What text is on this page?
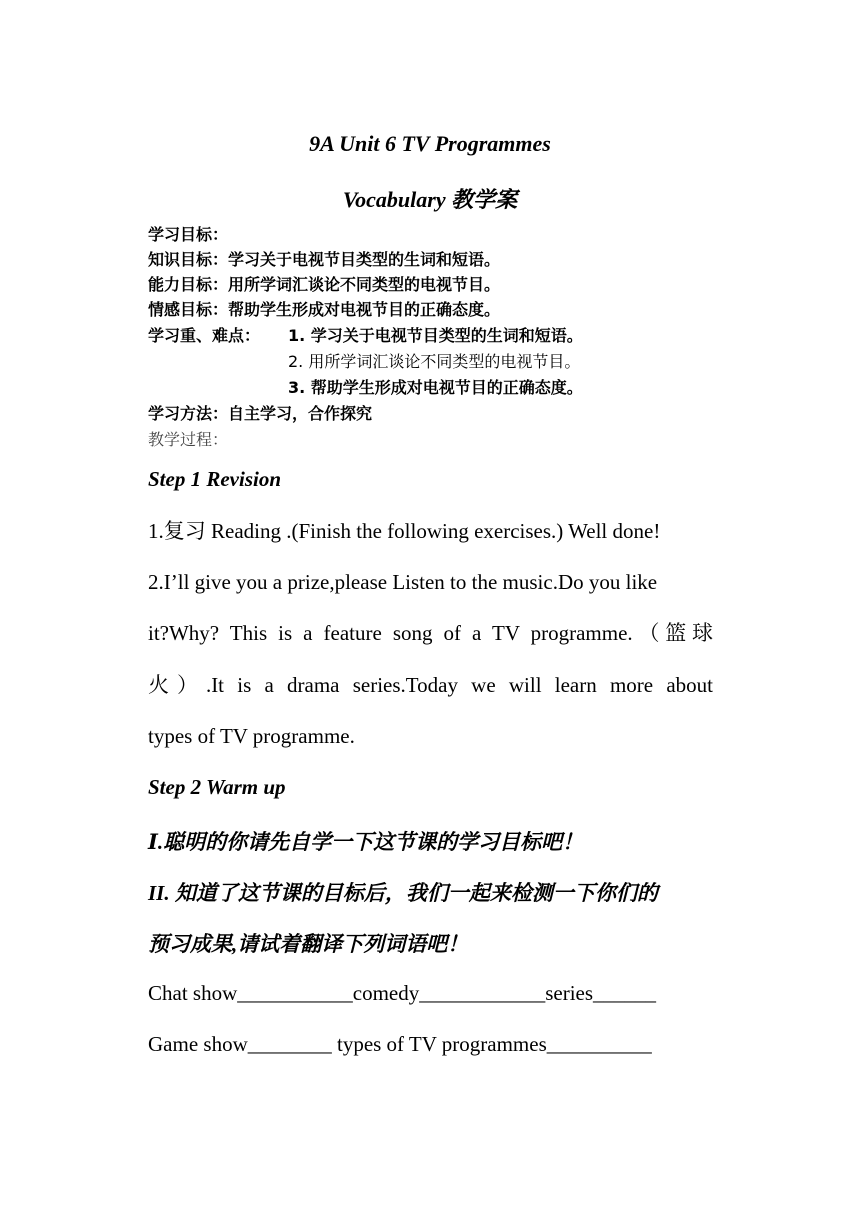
9A Unit 6 TV Programmes
Vocabulary 教学案
学习目标：
知识目标：学习关于电视节目类型的生词和短语。
能力目标：用所学词汇谈论不同类型的电视节目。
情感目标：帮助学生形成对电视节目的正确态度。
学习重、难点： 1. 学习关于电视节目类型的生词和短语。
2. 用所学词汇谈论不同类型的电视节目。
3. 帮助学生形成对电视节目的正确态度。
学习方法：自主学习，合作探究
教学过程：
Step 1 Revision
1.复习 Reading .(Finish the following exercises.) Well done!
2.I’ll give you a prize,please Listen to the music.Do you like
it?Why? This is a feature song of a TV programme.（篮球
火）.It is a drama series.Today we will learn more about
types of TV programme.
Step 2 Warm up
Ⅰ.聪明的你请先自学一下这节课的学习目标吧！
II. 知道了这节课的目标后，我们一起来检测一下你们的
预习成果,请试着翻译下列词语吧！
Chat show___________comedy____________series______
Game show________ types of TV programmes__________
